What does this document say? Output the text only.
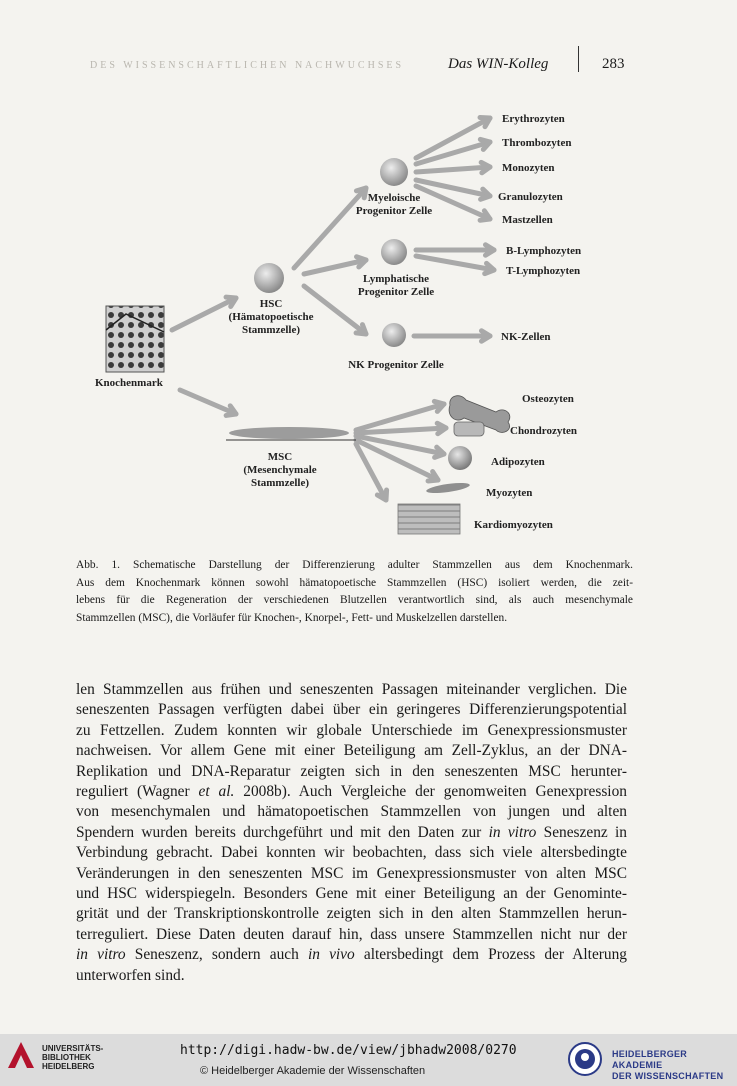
DES WISSENSCHAFTLICHEN NACHWUCHSES	Das WIN-Kolleg	283
Knochenmark
HSC
(Hämatopoetische
Stammzelle)
Myeloische
Progenitor Zelle
Lymphatische
Progenitor Zelle
NK Progenitor Zelle
MSC
(Mesenchymale
Stammzelle)
Erythrozyten
Thrombozyten
Monozyten
Granulozyten
Mastzellen
B-Lymphozyten
T-Lymphozyten
NK-Zellen
Osteozyten
Chondrozyten
Adipozyten
Myozyten
Kardiomyozyten
Abb. 1. Schematische Darstellung der Differenzierung adulter Stammzellen aus dem Knochenmark.
Aus dem Knochenmark können sowohl hämatopoetische Stammzellen (HSC) isoliert werden, die zeit-
lebens für die Regeneration der verschiedenen Blutzellen verantwortlich sind, als auch mesenchymale
Stammzellen (MSC), die Vorläufer für Knochen-, Knorpel-, Fett- und Muskelzellen darstellen.
len Stammzellen aus frühen und seneszenten Passagen miteinander verglichen. Die
seneszenten Passagen verfügten dabei über ein geringeres Differenzierungspotential
zu Fettzellen. Zudem konnten wir globale Unterschiede im Genexpressionsmuster
nachweisen. Vor allem Gene mit einer Beteiligung am Zell-Zyklus, an der DNA-
Replikation und DNA-Reparatur zeigten sich in den seneszenten MSC herunter-
reguliert (Wagner et al. 2008b). Auch Vergleiche der genomweiten Genexpression
von mesenchymalen und hämatopoetischen Stammzellen von jungen und alten
Spendern wurden bereits durchgeführt und mit den Daten zur in vitro Seneszenz in
Verbindung gebracht. Dabei konnten wir beobachten, dass sich viele altersbedingte
Veränderungen in den seneszenten MSC im Genexpressionsmuster von alten MSC
und HSC widerspiegeln. Besonders Gene mit einer Beteiligung an der Genominte-
grität und der Transkriptionskontrolle zeigten sich in den alten Stammzellen herun-
terreguliert. Diese Daten deuten darauf hin, dass unsere Stammzellen nicht nur der
in vitro Seneszenz, sondern auch in vivo altersbedingt dem Prozess der Alterung
unterworfen sind.
UNIVERSITÄTS-
BIBLIOTHEK
HEIDELBERG
http://digi.hadw-bw.de/view/jbhadw2008/0270
© Heidelberger Akademie der Wissenschaften
HEIDELBERGER AKADEMIE
DER WISSENSCHAFTEN
